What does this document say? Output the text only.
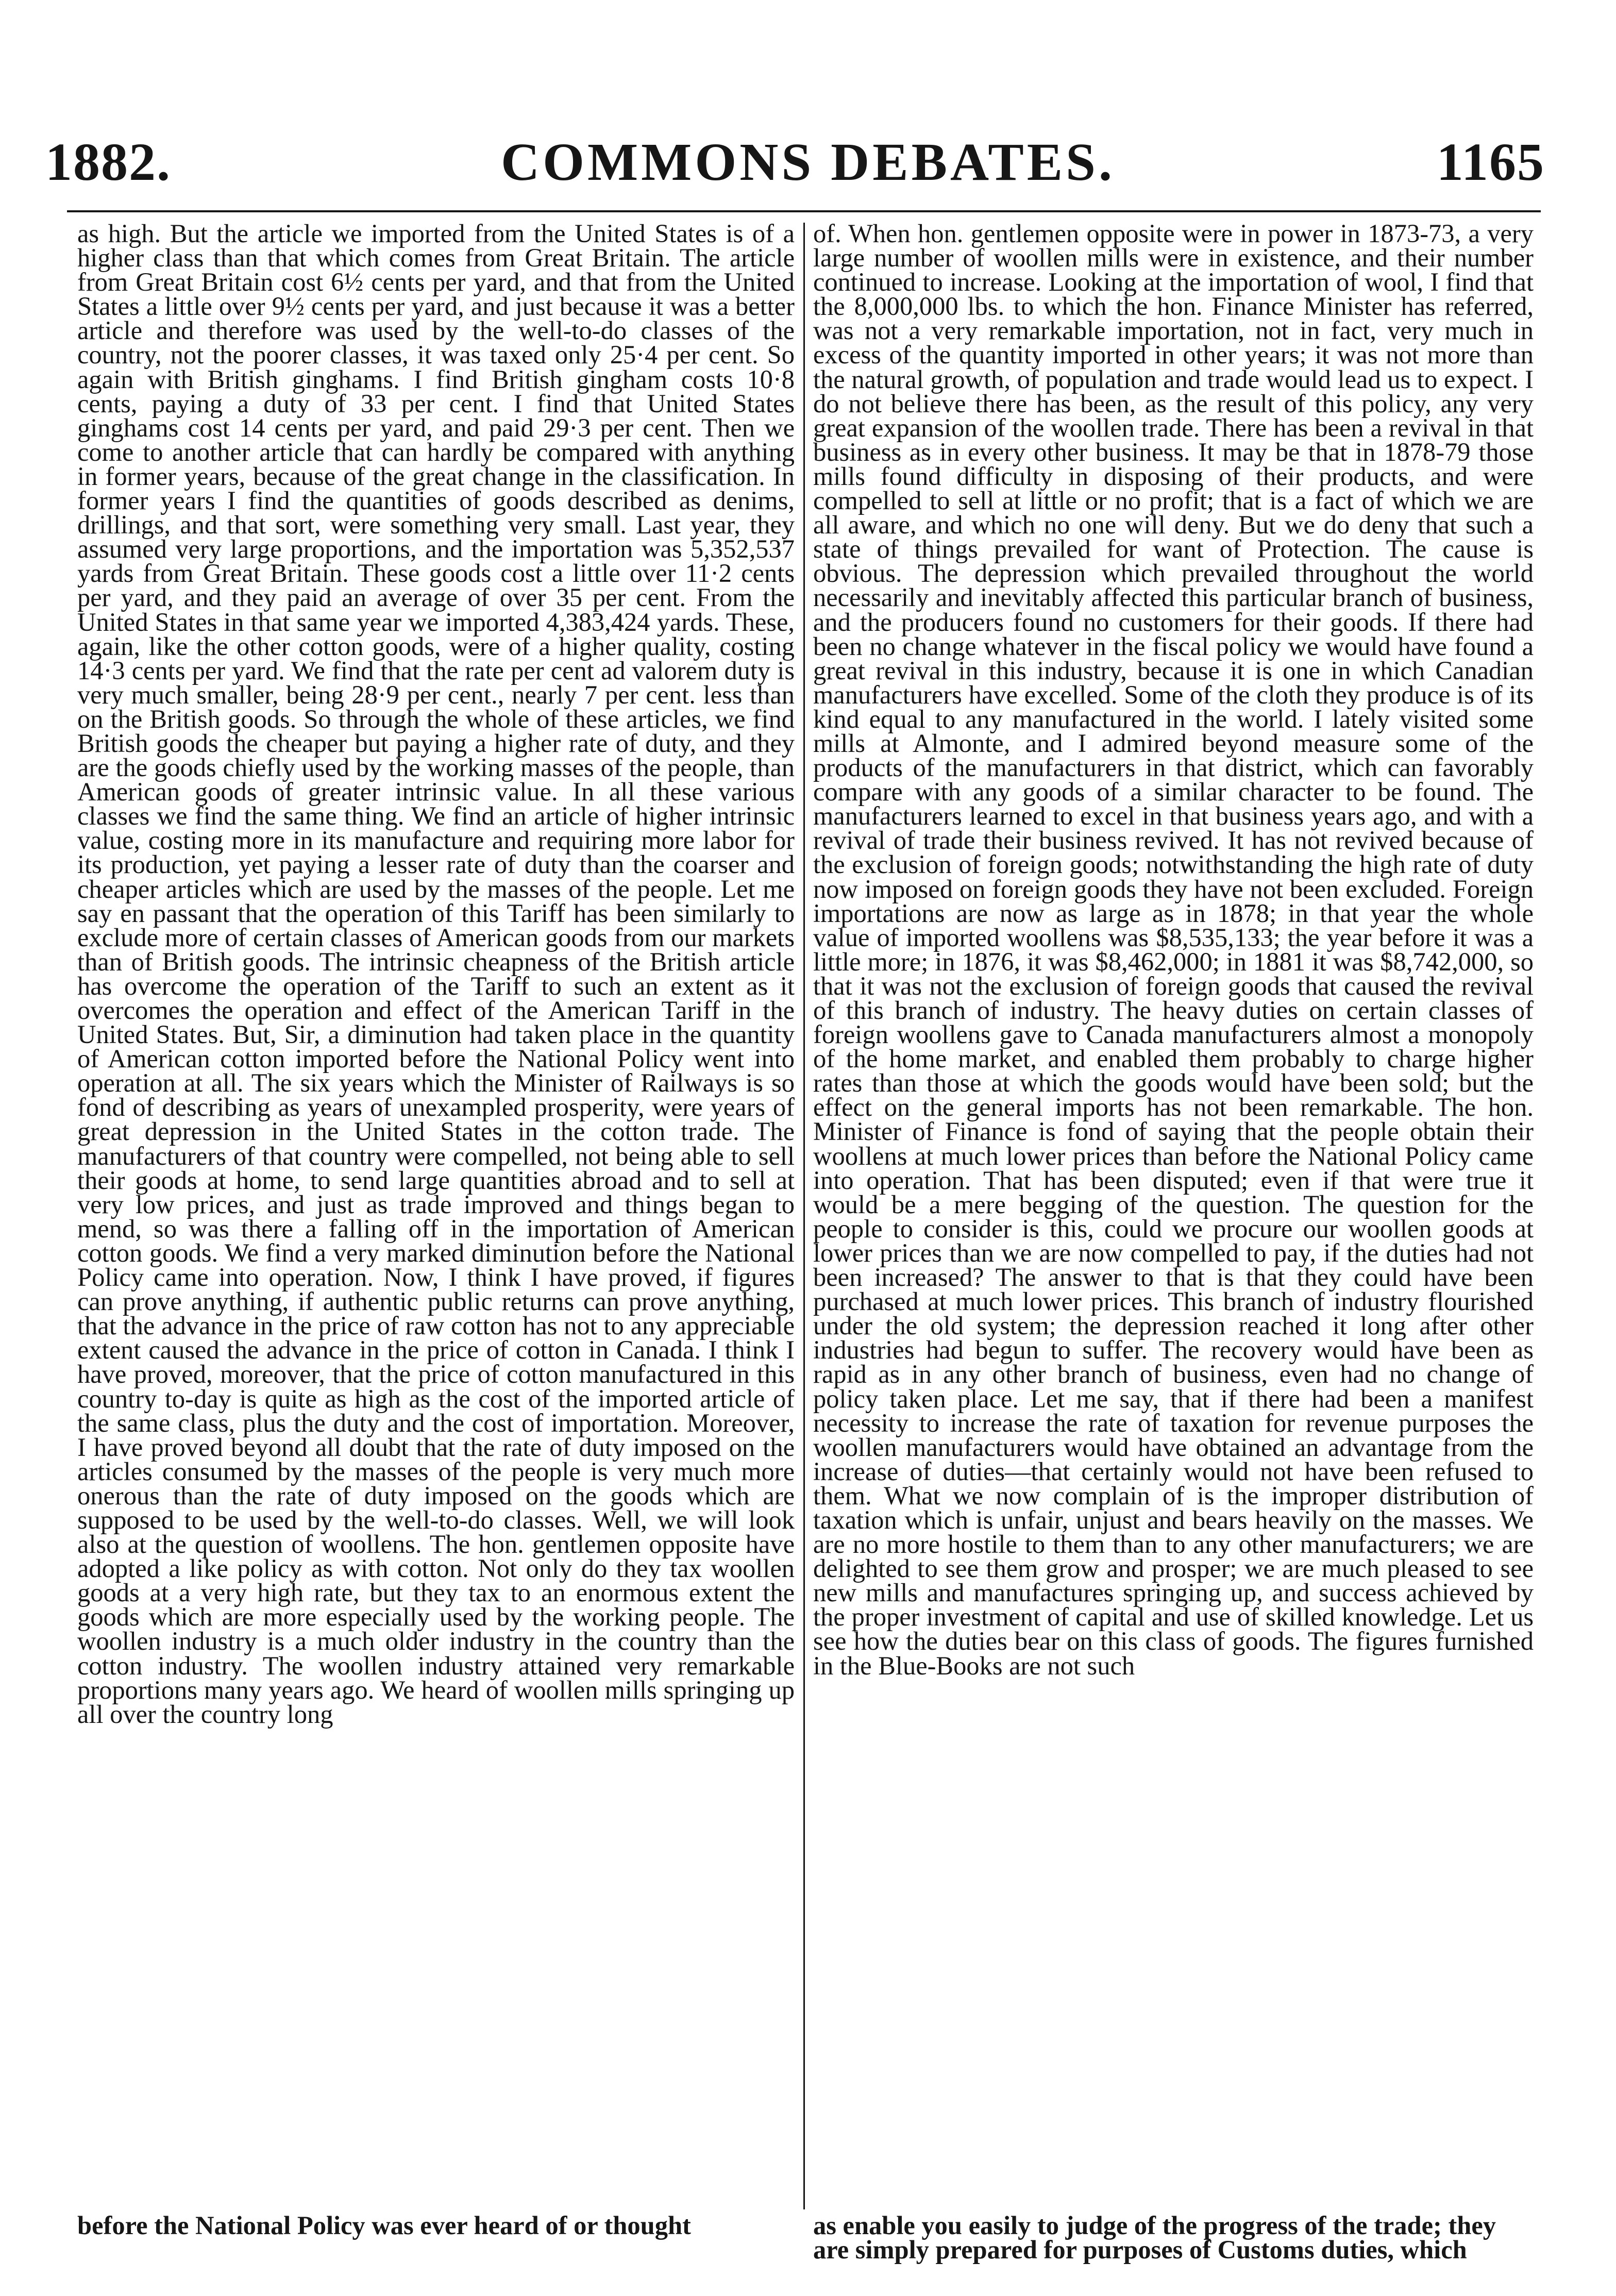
1882.	COMMONS DEBATES.	1165

as high. But the article we imported from the United States is of a higher class than that which comes from Great Britain. The article from Great Britain cost 6½ cents per yard, and that from the United States a little over 9½ cents per yard, and just because it was a better article and therefore was used by the well-to-do classes of the country, not the poorer classes, it was taxed only 25·4 per cent. So again with British ginghams. I find British gingham costs 10·8 cents, paying a duty of 33 per cent. I find that United States ginghams cost 14 cents per yard, and paid 29·3 per cent. Then we come to another article that can hardly be compared with anything in former years, because of the great change in the classification. In former years I find the quantities of goods described as denims, drillings, and that sort, were something very small. Last year, they assumed very large proportions, and the importation was 5,352,537 yards from Great Britain. These goods cost a little over 11·2 cents per yard, and they paid an average of over 35 per cent. From the United States in that same year we imported 4,383,424 yards. These, again, like the other cotton goods, were of a higher quality, costing 14·3 cents per yard. We find that the rate per cent ad valorem duty is very much smaller, being 28·9 per cent., nearly 7 per cent. less than on the British goods. So through the whole of these articles, we find British goods the cheaper but paying a higher rate of duty, and they are the goods chiefly used by the working masses of the people, than American goods of greater intrinsic value. In all these various classes we find the same thing. We find an article of higher intrinsic value, costing more in its manufacture and requiring more labor for its production, yet paying a lesser rate of duty than the coarser and cheaper articles which are used by the masses of the people. Let me say en passant that the operation of this Tariff has been similarly to exclude more of certain classes of American goods from our markets than of British goods. The intrinsic cheapness of the British article has overcome the operation of the Tariff to such an extent as it overcomes the operation and effect of the American Tariff in the United States. But, Sir, a diminution had taken place in the quantity of American cotton imported before the National Policy went into operation at all. The six years which the Minister of Railways is so fond of describing as years of unexampled prosperity, were years of great depression in the United States in the cotton trade. The manufacturers of that country were compelled, not being able to sell their goods at home, to send large quantities abroad and to sell at very low prices, and just as trade improved and things began to mend, so was there a falling off in the importation of American cotton goods. We find a very marked diminution before the National Policy came into operation. Now, I think I have proved, if figures can prove anything, if authentic public returns can prove anything, that the advance in the price of raw cotton has not to any appreciable extent caused the advance in the price of cotton in Canada. I think I have proved, moreover, that the price of cotton manufactured in this country to-day is quite as high as the cost of the imported article of the same class, plus the duty and the cost of importation. Moreover, I have proved beyond all doubt that the rate of duty imposed on the articles consumed by the masses of the people is very much more onerous than the rate of duty imposed on the goods which are supposed to be used by the well-to-do classes. Well, we will look also at the question of woollens. The hon. gentlemen opposite have adopted a like policy as with cotton. Not only do they tax woollen goods at a very high rate, but they tax to an enormous extent the goods which are more especially used by the working people. The woollen industry is a much older industry in the country than the cotton industry. The woollen industry attained very remarkable proportions many years ago. We heard of woollen mills springing up all over the country long

of. When hon. gentlemen opposite were in power in 1873-73, a very large number of woollen mills were in existence, and their number continued to increase. Looking at the importation of wool, I find that the 8,000,000 lbs. to which the hon. Finance Minister has referred, was not a very remarkable importation, not in fact, very much in excess of the quantity imported in other years; it was not more than the natural growth, of population and trade would lead us to expect. I do not believe there has been, as the result of this policy, any very great expansion of the woollen trade. There has been a revival in that business as in every other business. It may be that in 1878-79 those mills found difficulty in disposing of their products, and were compelled to sell at little or no profit; that is a fact of which we are all aware, and which no one will deny. But we do deny that such a state of things prevailed for want of Protection. The cause is obvious. The depression which prevailed throughout the world necessarily and inevitably affected this particular branch of business, and the producers found no customers for their goods. If there had been no change whatever in the fiscal policy we would have found a great revival in this industry, because it is one in which Canadian manufacturers have excelled. Some of the cloth they produce is of its kind equal to any manufactured in the world. I lately visited some mills at Almonte, and I admired beyond measure some of the products of the manufacturers in that district, which can favorably compare with any goods of a similar character to be found. The manufacturers learned to excel in that business years ago, and with a revival of trade their business revived. It has not revived because of the exclusion of foreign goods; notwithstanding the high rate of duty now imposed on foreign goods they have not been excluded. Foreign importations are now as large as in 1878; in that year the whole value of imported woollens was $8,535,133; the year before it was a little more; in 1876, it was $8,462,000; in 1881 it was $8,742,000, so that it was not the exclusion of foreign goods that caused the revival of this branch of industry. The heavy duties on certain classes of foreign woollens gave to Canada manufacturers almost a monopoly of the home market, and enabled them probably to charge higher rates than those at which the goods would have been sold; but the effect on the general imports has not been remarkable. The hon. Minister of Finance is fond of saying that the people obtain their woollens at much lower prices than before the National Policy came into operation. That has been disputed; even if that were true it would be a mere begging of the question. The question for the people to consider is this, could we procure our woollen goods at lower prices than we are now compelled to pay, if the duties had not been increased? The answer to that is that they could have been purchased at much lower prices. This branch of industry flourished under the old system; the depression reached it long after other industries had begun to suffer. The recovery would have been as rapid as in any other branch of business, even had no change of policy taken place. Let me say, that if there had been a manifest necessity to increase the rate of taxation for revenue purposes the woollen manufacturers would have obtained an advantage from the increase of duties—that certainly would not have been refused to them. What we now complain of is the improper distribution of taxation which is unfair, unjust and bears heavily on the masses. We are no more hostile to them than to any other manufacturers; we are delighted to see them grow and prosper; we are much pleased to see new mills and manufactures springing up, and success achieved by the proper investment of capital and use of skilled knowledge. Let us see how the duties bear on this class of goods. The figures furnished in the Blue-Books are not such

before the National Policy was ever heard of or thought	as enable you easily to judge of the progress of the trade; they
are simply prepared for purposes of Customs duties, which
